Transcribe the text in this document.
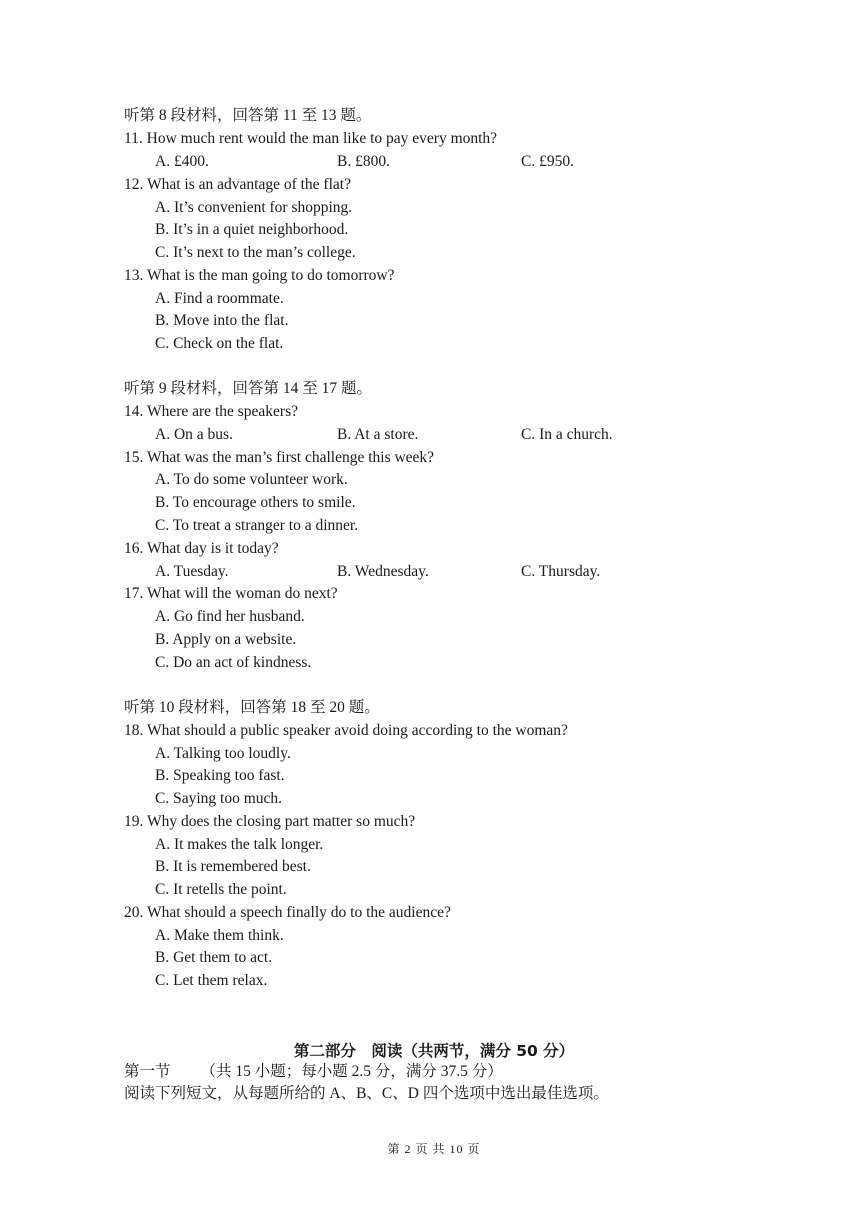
听第 8 段材料，回答第 11 至 13 题。
11. How much rent would the man like to pay every month?
A. £400.	B. £800.	C. £950.
12. What is an advantage of the flat?
A. It’s convenient for shopping.
B. It’s in a quiet neighborhood.
C. It’s next to the man’s college.
13. What is the man going to do tomorrow?
A. Find a roommate.
B. Move into the flat.
C. Check on the flat.
听第 9 段材料，回答第 14 至 17 题。
14. Where are the speakers?
A. On a bus.	B. At a store.	C. In a church.
15. What was the man’s first challenge this week?
A. To do some volunteer work.
B. To encourage others to smile.
C. To treat a stranger to a dinner.
16. What day is it today?
A. Tuesday.	B. Wednesday.	C. Thursday.
17. What will the woman do next?
A. Go find her husband.
B. Apply on a website.
C. Do an act of kindness.
听第 10 段材料，回答第 18 至 20 题。
18. What should a public speaker avoid doing according to the woman?
A. Talking too loudly.
B. Speaking too fast.
C. Saying too much.
19. Why does the closing part matter so much?
A. It makes the talk longer.
B. It is remembered best.
C. It retells the point.
20. What should a speech finally do to the audience?
A. Make them think.
B. Get them to act.
C. Let them relax.
第二部分　阅读（共两节，满分 50 分）
第一节 （共 15 小题；每小题 2.5 分，满分 37.5 分）
阅读下列短文，从每题所给的 A、B、C、D 四个选项中选出最佳选项。
第 2 页 共 10 页
